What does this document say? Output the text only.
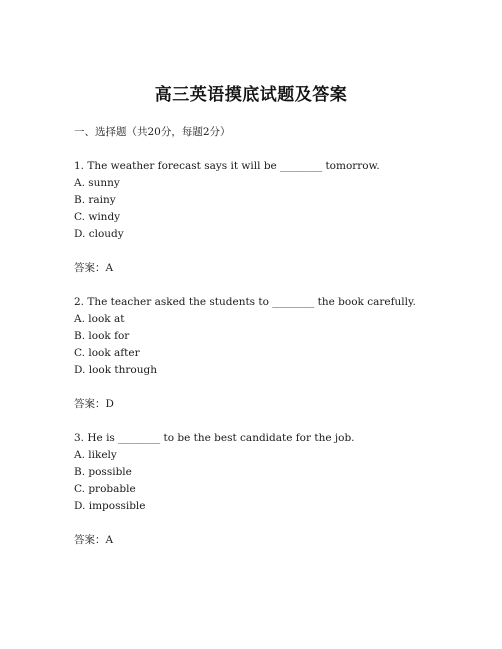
高三英语摸底试题及答案
一、选择题（共20分，每题2分）
1. The weather forecast says it will be ________ tomorrow.
A. sunny
B. rainy
C. windy
D. cloudy
答案：A
2. The teacher asked the students to ________ the book carefully.
A. look at
B. look for
C. look after
D. look through
答案：D
3. He is ________ to be the best candidate for the job.
A. likely
B. possible
C. probable
D. impossible
答案：A
